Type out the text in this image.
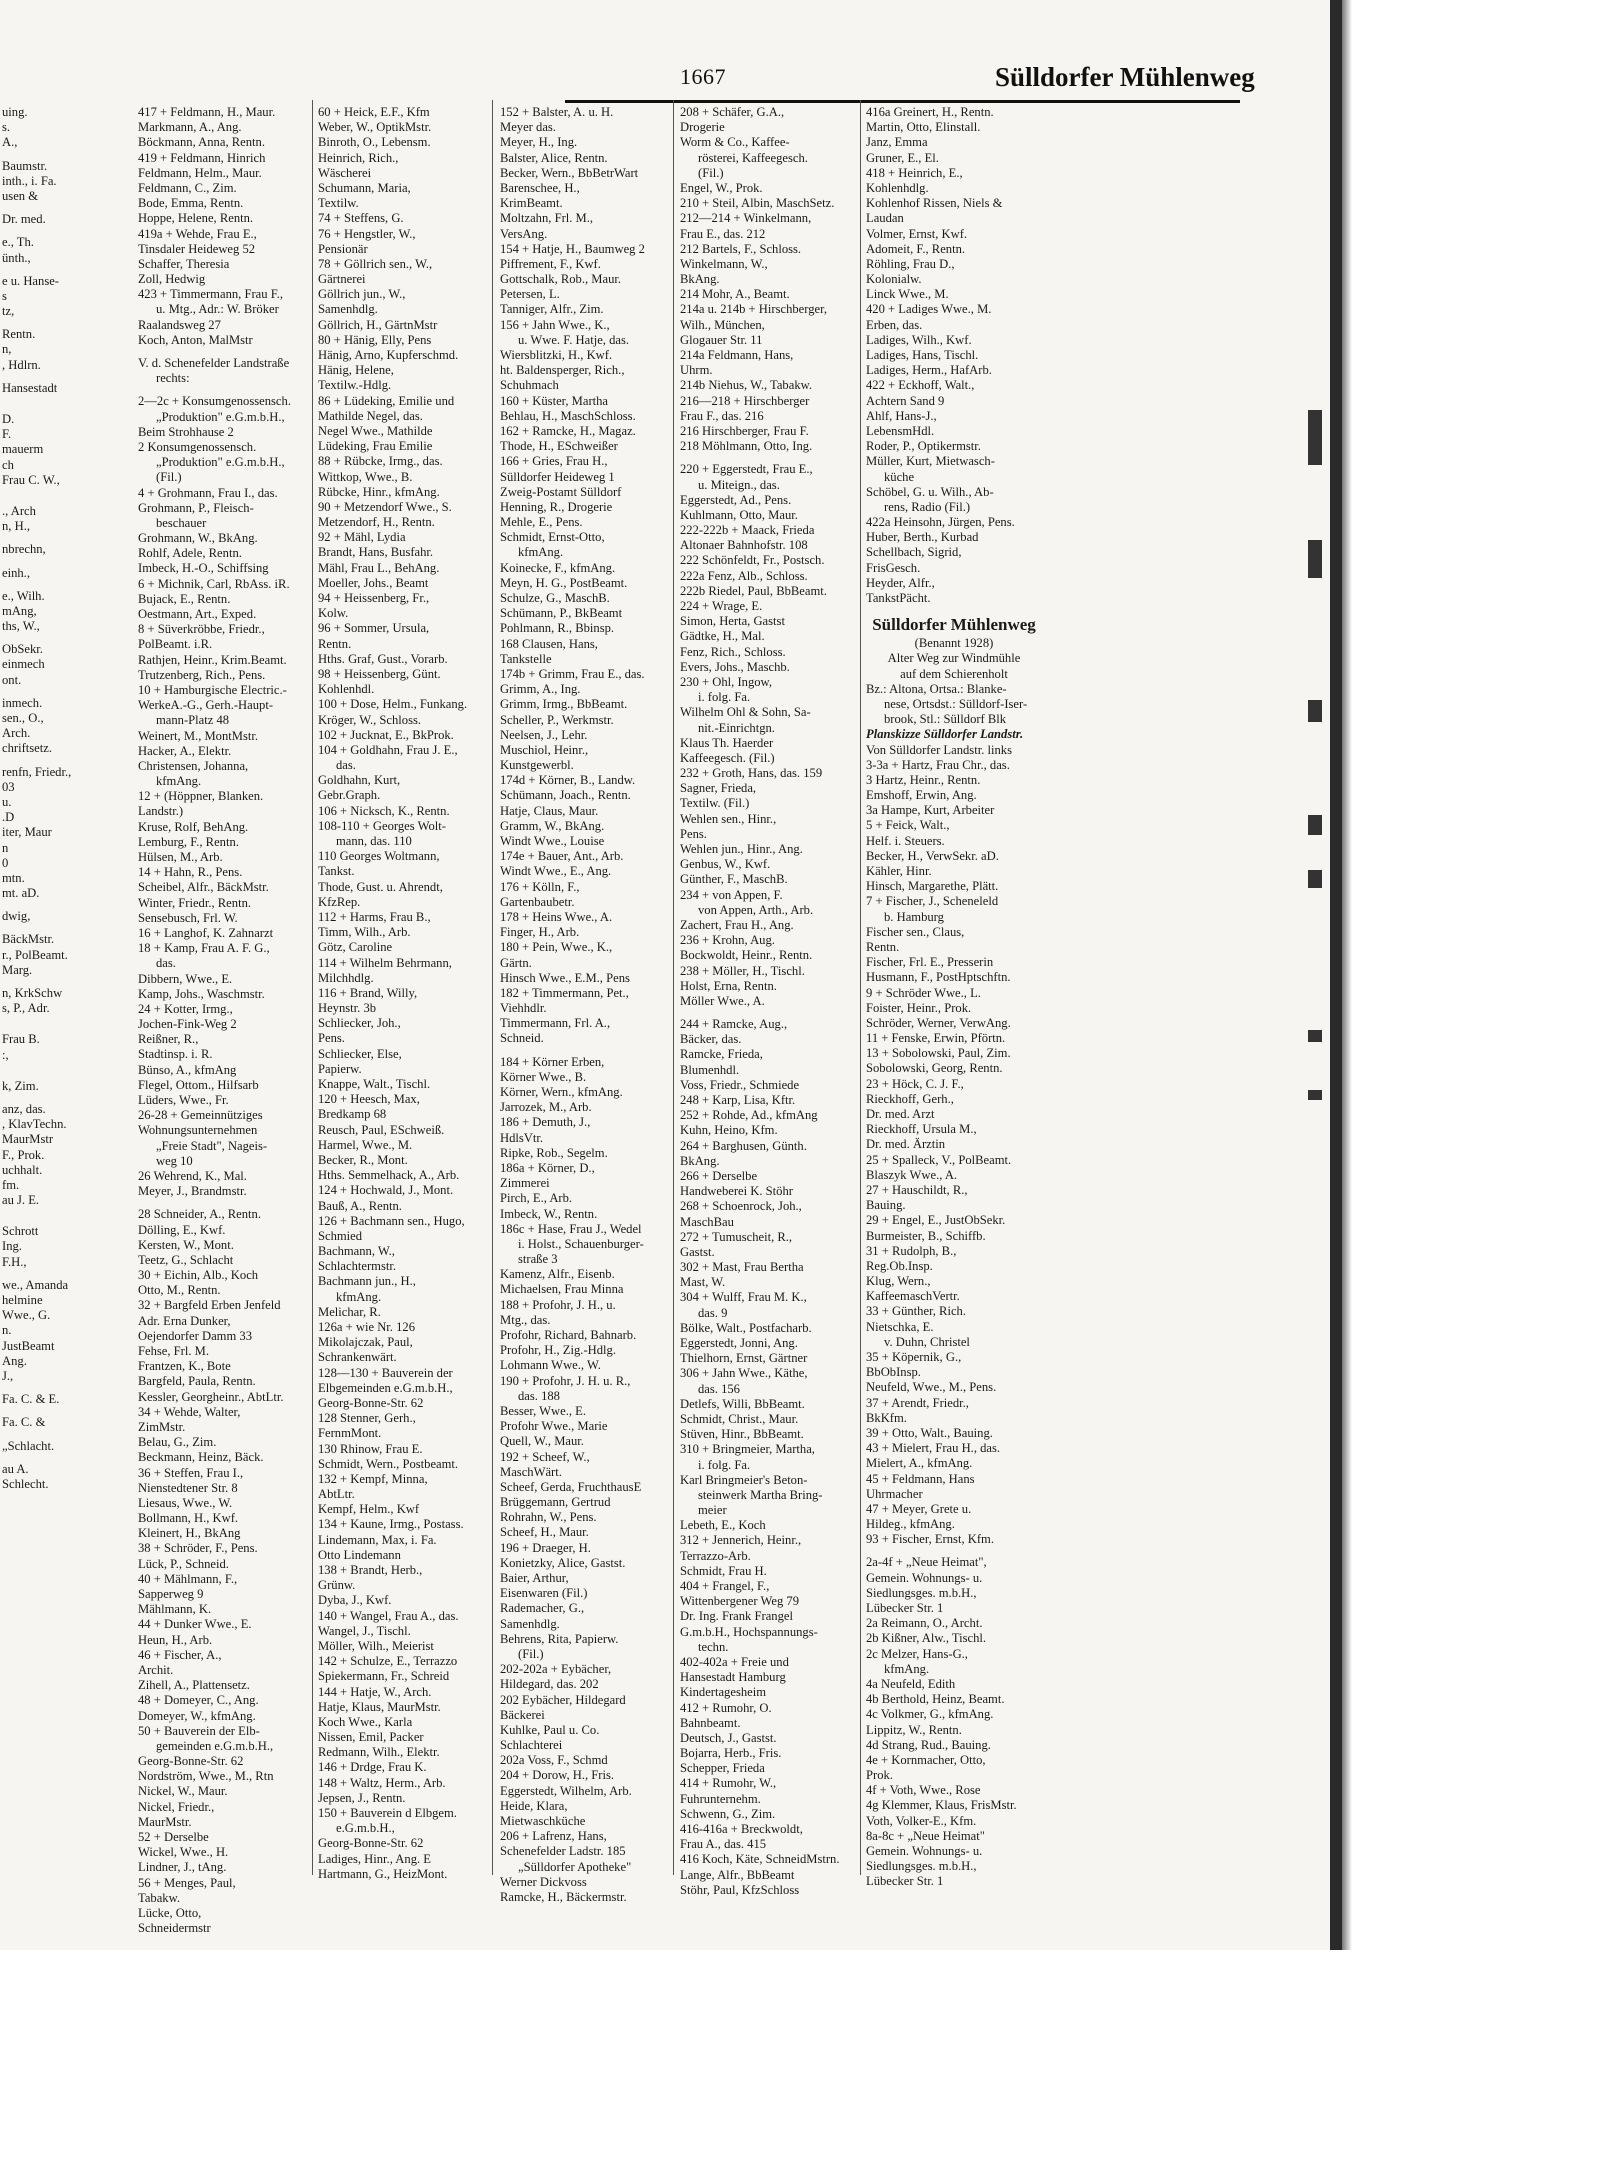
1667	Sülldorfer Mühlenweg
uing.
s.
A.,
Baumstr.
inth., i. Fa.
usen &
Dr. med.
e., Th.
ünth.,
e u. Hanse-
s
tz,
Rentn.
n,
, Hdlrn.
Hansestadt
D.
F.
mauerm
ch
Frau C. W.,
., Arch
n, H.,
nbrechn,
einh.,
e., Wilh.
mAng,
ths, W.,
ObSekr.
einmech
ont.
inmech.
sen., O.,
Arch.
chriftsetz.
renfn, Friedr.,
03
u.
.D
iter, Maur
n
0
mtn.
mt. aD.
dwig,
BäckMstr.
r., PolBeamt.
Marg.
n, KrkSchw
s, P., Adr.
Frau B.
:,
k, Zim.
anz, das.
, KlavTechn.
MaurMstr
F., Prok.
uchhalt.
fm.
au J. E.
Schrott
Ing.
F.H.,
we., Amanda
helmine
Wwe., G.
n.
JustBeamt
Ang.
J.,
Fa. C. & E.
Fa. C. &
„Schlacht.
au A.
Schlecht.
417 + Feldmann, H., Maur.
Markmann, A., Ang.
Böckmann, Anna, Rentn.
419 + Feldmann, Hinrich
Feldmann, Helm., Maur.
Feldmann, C., Zim.
Bode, Emma, Rentn.
Hoppe, Helene, Rentn.
419a + Wehde, Frau E.,
Tinsdaler Heideweg 52
Schaffer, Theresia
Zoll, Hedwig
423 + Timmermann, Frau F.,
u. Mtg., Adr.: W. Bröker
Raalandsweg 27
Koch, Anton, MalMstr
V. d. Schenefelder Landstraße
rechts:
2—2c + Konsumgenossensch.
„Produktion" e.G.m.b.H.,
Beim Strohhause 2
2 Konsumgenossensch.
„Produktion" e.G.m.b.H.,
(Fil.)
4 + Grohmann, Frau I., das.
Grohmann, P., Fleisch-
beschauer
Grohmann, W., BkAng.
Rohlf, Adele, Rentn.
Imbeck, H.-O., Schiffsing
6 + Michnik, Carl, RbAss. iR.
Bujack, E., Rentn.
Oestmann, Art., Exped.
8 + Süverkröbbe, Friedr.,
PolBeamt. i.R.
Rathjen, Heinr., Krim.Beamt.
Trutzenberg, Rich., Pens.
10 + Hamburgische Electric.-
WerkeA.-G., Gerh.-Haupt-
mann-Platz 48
Weinert, M., MontMstr.
Hacker, A., Elektr.
Christensen, Johanna,
kfmAng.
12 + (Höppner, Blanken.
Landstr.)
Kruse, Rolf, BehAng.
Lemburg, F., Rentn.
Hülsen, M., Arb.
14 + Hahn, R., Pens.
Scheibel, Alfr., BäckMstr.
Winter, Friedr., Rentn.
Sensebusch, Frl. W.
16 + Langhof, K. Zahnarzt
18 + Kamp, Frau A. F. G.,
das.
Dibbern, Wwe., E.
Kamp, Johs., Waschmstr.
24 + Kotter, Irmg.,
Jochen-Fink-Weg 2
Reißner, R.,
Stadtinsp. i. R.
Bünso, A., kfmAng
Flegel, Ottom., Hilfsarb
Lüders, Wwe., Fr.
26-28 + Gemeinnütziges
Wohnungsunternehmen
„Freie Stadt", Nageis-
weg 10
26 Wehrend, K., Mal.
Meyer, J., Brandmstr.
28 Schneider, A., Rentn.
Dölling, E., Kwf.
Kersten, W., Mont.
Teetz, G., Schlacht
30 + Eichin, Alb., Koch
Otto, M., Rentn.
32 + Bargfeld Erben Jenfeld
Adr. Erna Dunker,
Oejendorfer Damm 33
Fehse, Frl. M.
Frantzen, K., Bote
Bargfeld, Paula, Rentn.
Kessler, Georgheinr., AbtLtr.
34 + Wehde, Walter,
ZimMstr.
Belau, G., Zim.
Beckmann, Heinz, Bäck.
36 + Steffen, Frau I.,
Nienstedtener Str. 8
Liesaus, Wwe., W.
Bollmann, H., Kwf.
Kleinert, H., BkAng
38 + Schröder, F., Pens.
Lück, P., Schneid.
40 + Mählmann, F.,
Sapperweg 9
Mählmann, K.
44 + Dunker Wwe., E.
Heun, H., Arb.
46 + Fischer, A.,
Archit.
Zihell, A., Plattensetz.
48 + Domeyer, C., Ang.
Domeyer, W., kfmAng.
50 + Bauverein der Elb-
gemeinden e.G.m.b.H.,
Georg-Bonne-Str. 62
Nordström, Wwe., M., Rtn
Nickel, W., Maur.
Nickel, Friedr.,
MaurMstr.
52 + Derselbe
Wickel, Wwe., H.
Lindner, J., tAng.
56 + Menges, Paul,
Tabakw.
Lücke, Otto,
Schneidermstr
60 + Heick, E.F., Kfm
Weber, W., OptikMstr.
Binroth, O., Lebensm.
Heinrich, Rich.,
Wäscherei
Schumann, Maria,
Textilw.
74 + Steffens, G.
76 + Hengstler, W.,
Pensionär
78 + Göllrich sen., W.,
Gärtnerei
Göllrich jun., W.,
Samenhdlg.
Göllrich, H., GärtnMstr
80 + Hänig, Elly, Pens
Hänig, Arno, Kupferschmd.
Hänig, Helene,
Textilw.-Hdlg.
86 + Lüdeking, Emilie und
Mathilde Negel, das.
Negel Wwe., Mathilde
Lüdeking, Frau Emilie
88 + Rübcke, Irmg., das.
Wittkop, Wwe., B.
Rübcke, Hinr., kfmAng.
90 + Metzendorf Wwe., S.
Metzendorf, H., Rentn.
92 + Mähl, Lydia
Brandt, Hans, Busfahr.
Mähl, Frau L., BehAng.
Moeller, Johs., Beamt
94 + Heissenberg, Fr.,
Kolw.
96 + Sommer, Ursula,
Rentn.
Hths. Graf, Gust., Vorarb.
98 + Heissenberg, Günt.
Kohlenhdl.
100 + Dose, Helm., Funkang.
Kröger, W., Schloss.
102 + Jucknat, E., BkProk.
104 + Goldhahn, Frau J. E.,
das.
Goldhahn, Kurt,
Gebr.Graph.
106 + Nicksch, K., Rentn.
108-110 + Georges Wolt-
mann, das. 110
110 Georges Woltmann,
Tankst.
Thode, Gust. u. Ahrendt,
KfzRep.
112 + Harms, Frau B.,
Timm, Wilh., Arb.
Götz, Caroline
114 + Wilhelm Behrmann,
Milchhdlg.
116 + Brand, Willy,
Heynstr. 3b
Schliecker, Joh.,
Pens.
Schliecker, Else,
Papierw.
Knappe, Walt., Tischl.
120 + Heesch, Max,
Bredkamp 68
Reusch, Paul, ESchweiß.
Harmel, Wwe., M.
Becker, R., Mont.
Hths. Semmelhack, A., Arb.
124 + Hochwald, J., Mont.
Bauß, A., Rentn.
126 + Bachmann sen., Hugo,
Schmied
Bachmann, W.,
Schlachtermstr.
Bachmann jun., H.,
kfmAng.
Melichar, R.
126a + wie Nr. 126
Mikolajczak, Paul,
Schrankenwärt.
128—130 + Bauverein der
Elbgemeinden e.G.m.b.H.,
Georg-Bonne-Str. 62
128 Stenner, Gerh.,
FernmMont.
130 Rhinow, Frau E.
Schmidt, Wern., Postbeamt.
132 + Kempf, Minna,
AbtLtr.
Kempf, Helm., Kwf
134 + Kaune, Irmg., Postass.
Lindemann, Max, i. Fa.
Otto Lindemann
138 + Brandt, Herb.,
Grünw.
Dyba, J., Kwf.
140 + Wangel, Frau A., das.
Wangel, J., Tischl.
Möller, Wilh., Meierist
142 + Schulze, E., Terrazzo
Spiekermann, Fr., Schreid
144 + Hatje, W., Arch.
Hatje, Klaus, MaurMstr.
Koch Wwe., Karla
Nissen, Emil, Packer
Redmann, Wilh., Elektr.
146 + Drdge, Frau K.
148 + Waltz, Herm., Arb.
Jepsen, J., Rentn.
150 + Bauverein d Elbgem.
e.G.m.b.H.,
Georg-Bonne-Str. 62
Ladiges, Hinr., Ang. E
Hartmann, G., HeizMont.
152 + Balster, A. u. H.
Meyer das.
Meyer, H., Ing.
Balster, Alice, Rentn.
Becker, Wern., BbBetrWart
Barenschee, H.,
KrimBeamt.
Moltzahn, Frl. M.,
VersAng.
154 + Hatje, H., Baumweg 2
Piffrement, F., Kwf.
Gottschalk, Rob., Maur.
Petersen, L.
Tanniger, Alfr., Zim.
156 + Jahn Wwe., K.,
u. Wwe. F. Hatje, das.
Wiersblitzki, H., Kwf.
ht. Baldensperger, Rich.,
Schuhmach
160 + Küster, Martha
Behlau, H., MaschSchloss.
162 + Ramcke, H., Magaz.
Thode, H., ESchweißer
166 + Gries, Frau H.,
Sülldorfer Heideweg 1
Zweig-Postamt Sülldorf
Henning, R., Drogerie
Mehle, E., Pens.
Schmidt, Ernst-Otto,
kfmAng.
Koinecke, F., kfmAng.
Meyn, H. G., PostBeamt.
Schulze, G., MaschB.
Schümann, P., BkBeamt
Pohlmann, R., Bbinsp.
168 Clausen, Hans,
Tankstelle
174b + Grimm, Frau E., das.
Grimm, A., Ing.
Grimm, Irmg., BbBeamt.
Scheller, P., Werkmstr.
Neelsen, J., Lehr.
Muschiol, Heinr.,
Kunstgewerbl.
174d + Körner, B., Landw.
Schümann, Joach., Rentn.
Hatje, Claus, Maur.
Gramm, W., BkAng.
Windt Wwe., Louise
174e + Bauer, Ant., Arb.
Windt Wwe., E., Ang.
176 + Kölln, F.,
Gartenbaubetr.
178 + Heins Wwe., A.
Finger, H., Arb.
180 + Pein, Wwe., K.,
Gärtn.
Hinsch Wwe., E.M., Pens
182 + Timmermann, Pet.,
Viehhdlr.
Timmermann, Frl. A.,
Schneid.
184 + Körner Erben,
Körner Wwe., B.
Körner, Wern., kfmAng.
Jarrozek, M., Arb.
186 + Demuth, J.,
HdlsVtr.
Ripke, Rob., Segelm.
186a + Körner, D.,
Zimmerei
Pirch, E., Arb.
Imbeck, W., Rentn.
186c + Hase, Frau J., Wedel
i. Holst., Schauenburger-
straße 3
Kamenz, Alfr., Eisenb.
Michaelsen, Frau Minna
188 + Profohr, J. H., u.
Mtg., das.
Profohr, Richard, Bahnarb.
Profohr, H., Zig.-Hdlg.
Lohmann Wwe., W.
190 + Profohr, J. H. u. R.,
das. 188
Besser, Wwe., E.
Profohr Wwe., Marie
Quell, W., Maur.
192 + Scheef, W.,
MaschWärt.
Scheef, Gerda, FruchthausE
Brüggemann, Gertrud
Rohrahn, W., Pens.
Scheef, H., Maur.
196 + Draeger, H.
Konietzky, Alice, Gastst.
Baier, Arthur,
Eisenwaren (Fil.)
Rademacher, G.,
Samenhdlg.
Behrens, Rita, Papierw.
(Fil.)
202-202a + Eybächer,
Hildegard, das. 202
202 Eybächer, Hildegard
Bäckerei
Kuhlke, Paul u. Co.
Schlachterei
202a Voss, F., Schmd
204 + Dorow, H., Fris.
Eggerstedt, Wilhelm, Arb.
Heide, Klara,
Mietwaschküche
206 + Lafrenz, Hans,
Schenefelder Ladstr. 185
„Sülldorfer Apotheke"
Werner Dickvoss
Ramcke, H., Bäckermstr.
208 + Schäfer, G.A.,
Drogerie
Worm & Co., Kaffee-
rösterei, Kaffeegesch.
(Fil.)
Engel, W., Prok.
210 + Steil, Albin, MaschSetz.
212—214 + Winkelmann,
Frau E., das. 212
212 Bartels, F., Schloss.
Winkelmann, W.,
BkAng.
214 Mohr, A., Beamt.
214a u. 214b + Hirschberger,
Wilh., München,
Glogauer Str. 11
214a Feldmann, Hans,
Uhrm.
214b Niehus, W., Tabakw.
216—218 + Hirschberger
Frau F., das. 216
216 Hirschberger, Frau F.
218 Möhlmann, Otto, Ing.
220 + Eggerstedt, Frau E.,
u. Miteign., das.
Eggerstedt, Ad., Pens.
Kuhlmann, Otto, Maur.
222-222b + Maack, Frieda
Altonaer Bahnhofstr. 108
222 Schönfeldt, Fr., Postsch.
222a Fenz, Alb., Schloss.
222b Riedel, Paul, BbBeamt.
224 + Wrage, E.
Simon, Herta, Gastst
Gädtke, H., Mal.
Fenz, Rich., Schloss.
Evers, Johs., Maschb.
230 + Ohl, Ingow,
i. folg. Fa.
Wilhelm Ohl & Sohn, Sa-
nit.-Einrichtgn.
Klaus Th. Haerder
Kaffeegesch. (Fil.)
232 + Groth, Hans, das. 159
Sagner, Frieda,
Textilw. (Fil.)
Wehlen sen., Hinr.,
Pens.
Wehlen jun., Hinr., Ang.
Genbus, W., Kwf.
Günther, F., MaschB.
234 + von Appen, F.
von Appen, Arth., Arb.
Zachert, Frau H., Ang.
236 + Krohn, Aug.
Bockwoldt, Heinr., Rentn.
238 + Möller, H., Tischl.
Holst, Erna, Rentn.
Möller Wwe., A.
244 + Ramcke, Aug.,
Bäcker, das.
Ramcke, Frieda,
Blumenhdl.
Voss, Friedr., Schmiede
248 + Karp, Lisa, Kftr.
252 + Rohde, Ad., kfmAng
Kuhn, Heino, Kfm.
264 + Barghusen, Günth.
BkAng.
266 + Derselbe
Handweberei K. Stöhr
268 + Schoenrock, Joh.,
MaschBau
272 + Tumuscheit, R.,
Gastst.
302 + Mast, Frau Bertha
Mast, W.
304 + Wulff, Frau M. K.,
das. 9
Bölke, Walt., Postfacharb.
Eggerstedt, Jonni, Ang.
Thielhorn, Ernst, Gärtner
306 + Jahn Wwe., Käthe,
das. 156
Detlefs, Willi, BbBeamt.
Schmidt, Christ., Maur.
Stüven, Hinr., BbBeamt.
310 + Bringmeier, Martha,
i. folg. Fa.
Karl Bringmeier's Beton-
steinwerk Martha Bring-
meier
Lebeth, E., Koch
312 + Jennerich, Heinr.,
Terrazzo-Arb.
Schmidt, Frau H.
404 + Frangel, F.,
Wittenbergener Weg 79
Dr. Ing. Frank Frangel
G.m.b.H., Hochspannungs-
techn.
402-402a + Freie und
Hansestadt Hamburg
Kindertagesheim
412 + Rumohr, O.
Bahnbeamt.
Deutsch, J., Gastst.
Bojarra, Herb., Fris.
Schepper, Frieda
414 + Rumohr, W.,
Fuhrunternehm.
Schwenn, G., Zim.
416-416a + Breckwoldt,
Frau A., das. 415
416 Koch, Käte, SchneidMstrn.
Lange, Alfr., BbBeamt
Stöhr, Paul, KfzSchloss
416a Greinert, H., Rentn.
Martin, Otto, Elinstall.
Janz, Emma
Gruner, E., El.
418 + Heinrich, E.,
Kohlenhdlg.
Kohlenhof Rissen, Niels &
Laudan
Volmer, Ernst, Kwf.
Adomeit, F., Rentn.
Röhling, Frau D.,
Kolonialw.
Linck Wwe., M.
420 + Ladiges Wwe., M.
Erben, das.
Ladiges, Wilh., Kwf.
Ladiges, Hans, Tischl.
Ladiges, Herm., HafArb.
422 + Eckhoff, Walt.,
Achtern Sand 9
Ahlf, Hans-J.,
LebensmHdl.
Roder, P., Optikermstr.
Müller, Kurt, Mietwasch-
küche
Schöbel, G. u. Wilh., Ab-
rens, Radio (Fil.)
422a Heinsohn, Jürgen, Pens.
Huber, Berth., Kurbad
Schellbach, Sigrid,
FrisGesch.
Heyder, Alfr.,
TankstPächt.
Sülldorfer Mühlenweg
(Benannt 1928)
Alter Weg zur Windmühle
auf dem Schierenholt
Bz.: Altona, Ortsa.: Blanke-
nese, Ortsdst.: Sülldorf-Iser-
brook, Stl.: Sülldorf Blk
Planskizze Sülldorfer Landstr.
Von Sülldorfer Landstr. links
3-3a + Hartz, Frau Chr., das.
3 Hartz, Heinr., Rentn.
Emshoff, Erwin, Ang.
3a Hampe, Kurt, Arbeiter
5 + Feick, Walt.,
Helf. i. Steuers.
Becker, H., VerwSekr. aD.
Kähler, Hinr.
Hinsch, Margarethe, Plätt.
7 + Fischer, J., Scheneleld
b. Hamburg
Fischer sen., Claus,
Rentn.
Fischer, Frl. E., Presserin
Husmann, F., PostHptschftn.
9 + Schröder Wwe., L.
Foister, Heinr., Prok.
Schröder, Werner, VerwAng.
11 + Fenske, Erwin, Pförtn.
13 + Sobolowski, Paul, Zim.
Sobolowski, Georg, Rentn.
23 + Höck, C. J. F.,
Rieckhoff, Gerh.,
Dr. med. Arzt
Rieckhoff, Ursula M.,
Dr. med. Ärztin
25 + Spalleck, V., PolBeamt.
Blaszyk Wwe., A.
27 + Hauschildt, R.,
Bauing.
29 + Engel, E., JustObSekr.
Burmeister, B., Schiffb.
31 + Rudolph, B.,
Reg.Ob.Insp.
Klug, Wern.,
KaffeemaschVertr.
33 + Günther, Rich.
Nietschka, E.
v. Duhn, Christel
35 + Köpernik, G.,
BbObInsp.
Neufeld, Wwe., M., Pens.
37 + Arendt, Friedr.,
BkKfm.
39 + Otto, Walt., Bauing.
43 + Mielert, Frau H., das.
Mielert, A., kfmAng.
45 + Feldmann, Hans
Uhrmacher
47 + Meyer, Grete u.
Hildeg., kfmAng.
93 + Fischer, Ernst, Kfm.
2a-4f + „Neue Heimat",
Gemein. Wohnungs- u.
Siedlungsges. m.b.H.,
Lübecker Str. 1
2a Reimann, O., Archt.
2b Kißner, Alw., Tischl.
2c Melzer, Hans-G.,
kfmAng.
4a Neufeld, Edith
4b Berthold, Heinz, Beamt.
4c Volkmer, G., kfmAng.
Lippitz, W., Rentn.
4d Strang, Rud., Bauing.
4e + Kornmacher, Otto,
Prok.
4f + Voth, Wwe., Rose
4g Klemmer, Klaus, FrisMstr.
Voth, Volker-E., Kfm.
8a-8c + „Neue Heimat"
Gemein. Wohnungs- u.
Siedlungsges. m.b.H.,
Lübecker Str. 1
